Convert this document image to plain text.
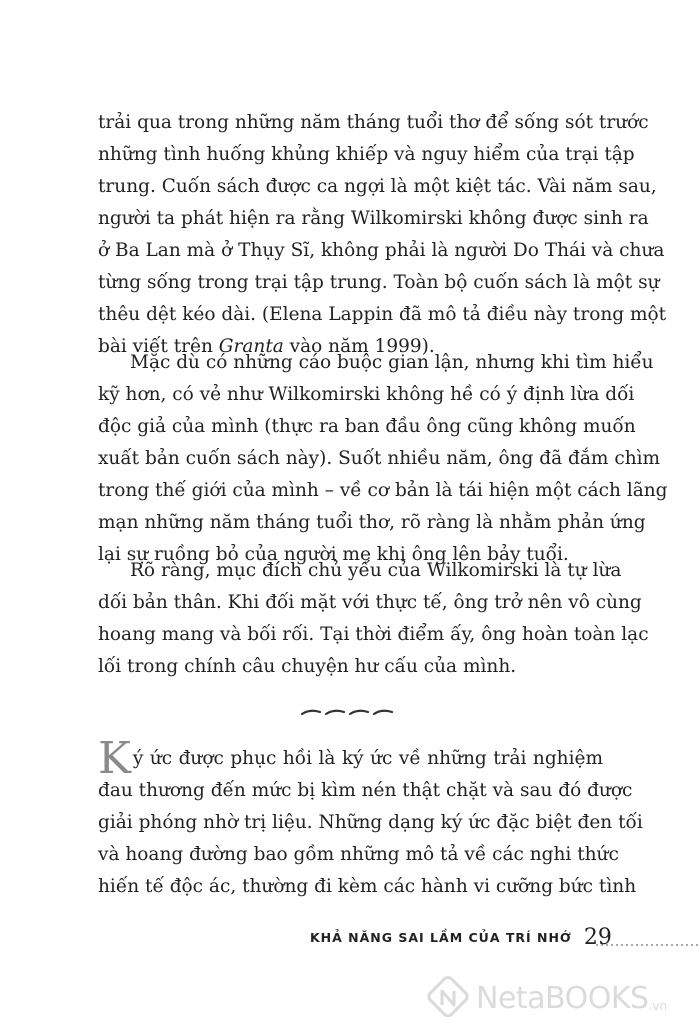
trải qua trong những năm tháng tuổi thơ để sống sót trước
những tình huống khủng khiếp và nguy hiểm của trại tập
trung. Cuốn sách được ca ngợi là một kiệt tác. Vài năm sau,
người ta phát hiện ra rằng Wilkomirski không được sinh ra
ở Ba Lan mà ở Thụy Sĩ, không phải là người Do Thái và chưa
từng sống trong trại tập trung. Toàn bộ cuốn sách là một sự
thêu dệt kéo dài. (Elena Lappin đã mô tả điều này trong một
bài viết trên Granta vào năm 1999).
Mặc dù có những cáo buộc gian lận, nhưng khi tìm hiểu
kỹ hơn, có vẻ như Wilkomirski không hề có ý định lừa dối
độc giả của mình (thực ra ban đầu ông cũng không muốn
xuất bản cuốn sách này). Suốt nhiều năm, ông đã đắm chìm
trong thế giới của mình – về cơ bản là tái hiện một cách lãng
mạn những năm tháng tuổi thơ, rõ ràng là nhằm phản ứng
lại sự ruồng bỏ của người mẹ khi ông lên bảy tuổi.
Rõ ràng, mục đích chủ yếu của Wilkomirski là tự lừa
dối bản thân. Khi đối mặt với thực tế, ông trở nên vô cùng
hoang mang và bối rối. Tại thời điểm ấy, ông hoàn toàn lạc
lối trong chính câu chuyện hư cấu của mình.
Ký ức được phục hồi là ký ức về những trải nghiệm
đau thương đến mức bị kìm nén thật chặt và sau đó được
giải phóng nhờ trị liệu. Những dạng ký ức đặc biệt đen tối
và hoang đường bao gồm những mô tả về các nghi thức
hiến tế độc ác, thường đi kèm các hành vi cưỡng bức tình
KHẢ NĂNG SAI LẦM CỦA TRÍ NHỚ 29
NetaBOOKS .vn
